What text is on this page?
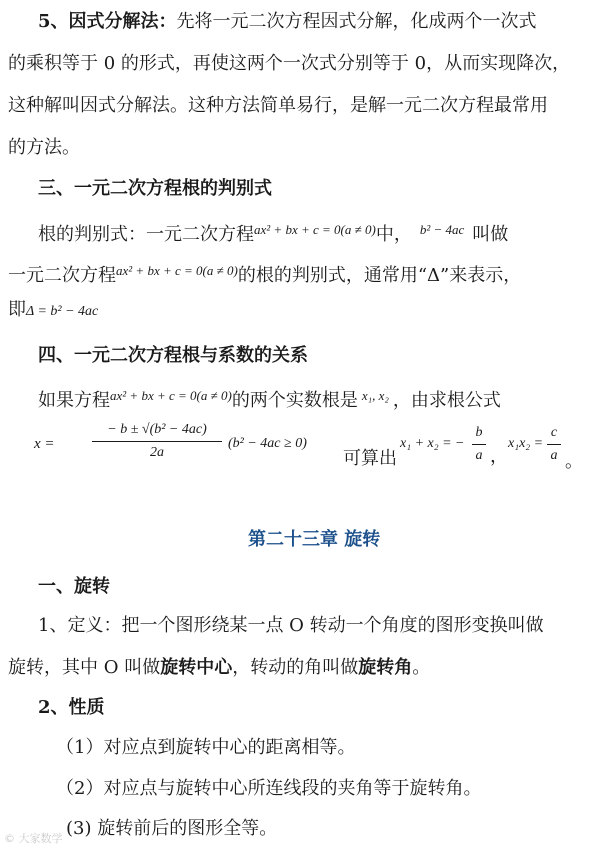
5、因式分解法：先将一元二次方程因式分解，化成两个一次式
的乘积等于 0 的形式，再使这两个一次式分别等于 0，从而实现降次，
这种解叫因式分解法。这种方法简单易行，是解一元二次方程最常用
的方法。
三、一元二次方程根的判别式
根的判别式：一元二次方程$^{ax^2 + bx + c = 0(a \ne 0)}$中， $^{b^2 - 4ac}$ 叫做
一元二次方程$^{ax^2 + bx + c = 0(a \ne 0)}$的根的判别式，通常用“Δ”来表示，
即Δ = b² − 4ac
四、一元二次方程根与系数的关系
如果方程$^{ax^2 + bx + c = 0(a \ne 0)}$的两个实数根是 $^{x_1, x_2}$ ，由求根公式
x =	$\frac{\text{− b ± √(b² − 4ac)}}{2a} (b^2 - 4ac \ge 0)$
可算出
x₁ + x₂ = − $\frac{b}{a}$ ，
$x_1x_2 = \frac{c}{a}$ 。
第二十三章 旋转
一、旋转
1、定义：把一个图形绕某一点 O 转动一个角度的图形变换叫做
旋转，其中 O 叫做旋转中心，转动的角叫做旋转角。
2、性质
（1）对应点到旋转中心的距离相等。
（2）对应点与旋转中心所连线段的夹角等于旋转角。
(3) 旋转前后的图形全等。
© 大家数学
